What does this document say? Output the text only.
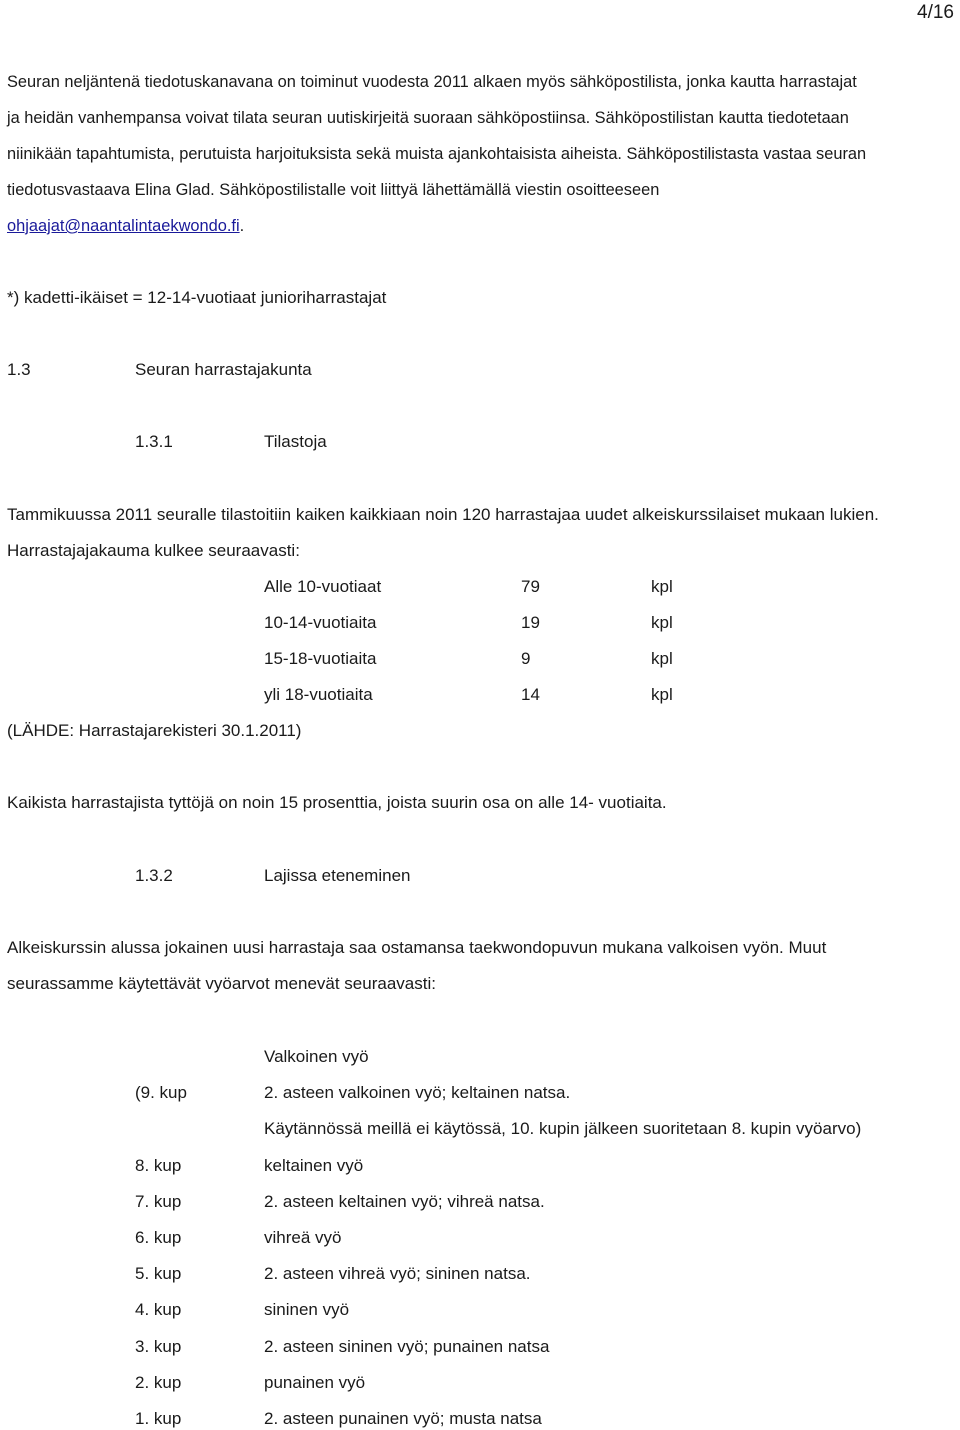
4/16
Seuran neljäntenä tiedotuskanavana on toiminut vuodesta 2011 alkaen myös sähköpostilista, jonka kautta harrastajat
ja heidän vanhempansa voivat tilata seuran uutiskirjeitä suoraan sähköpostiinsa. Sähköpostilistan kautta tiedotetaan
niinikään tapahtumista, perutuista harjoituksista sekä muista ajankohtaisista aiheista. Sähköpostilistasta vastaa seuran
tiedotusvastaava Elina Glad. Sähköpostilistalle voit liittyä lähettämällä viestin osoitteeseen
ohjaajat@naantalintaekwondo.fi.
*) kadetti-ikäiset = 12-14-vuotiaat junioriharrastajat
1.3	Seuran harrastajakunta
1.3.1	Tilastoja
Tammikuussa 2011 seuralle tilastoitiin kaiken kaikkiaan noin 120 harrastajaa uudet alkeiskurssilaiset mukaan lukien.
Harrastajajakauma kulkee seuraavasti:
Alle 10-vuotiaat	79	kpl
10-14-vuotiaita	19	kpl
15-18-vuotiaita	9	kpl
yli 18-vuotiaita	14	kpl
(LÄHDE: Harrastajarekisteri 30.1.2011)
Kaikista harrastajista tyttöjä on noin 15 prosenttia, joista suurin osa on alle 14- vuotiaita.
1.3.2	Lajissa eteneminen
Alkeiskurssin alussa jokainen uusi harrastaja saa ostamansa taekwondopuvun mukana valkoisen vyön. Muut
seurassamme käytettävät vyöarvot menevät seuraavasti:
Valkoinen vyö
(9. kup	2. asteen valkoinen vyö; keltainen natsa.
Käytännössä meillä ei käytössä, 10. kupin jälkeen suoritetaan 8. kupin vyöarvo)
8. kup	keltainen vyö
7. kup	2. asteen keltainen vyö; vihreä natsa.
6. kup	vihreä vyö
5. kup	2. asteen vihreä vyö; sininen natsa.
4. kup	sininen vyö
3. kup	2. asteen sininen vyö; punainen natsa
2. kup	punainen vyö
1. kup	2. asteen punainen vyö; musta natsa
